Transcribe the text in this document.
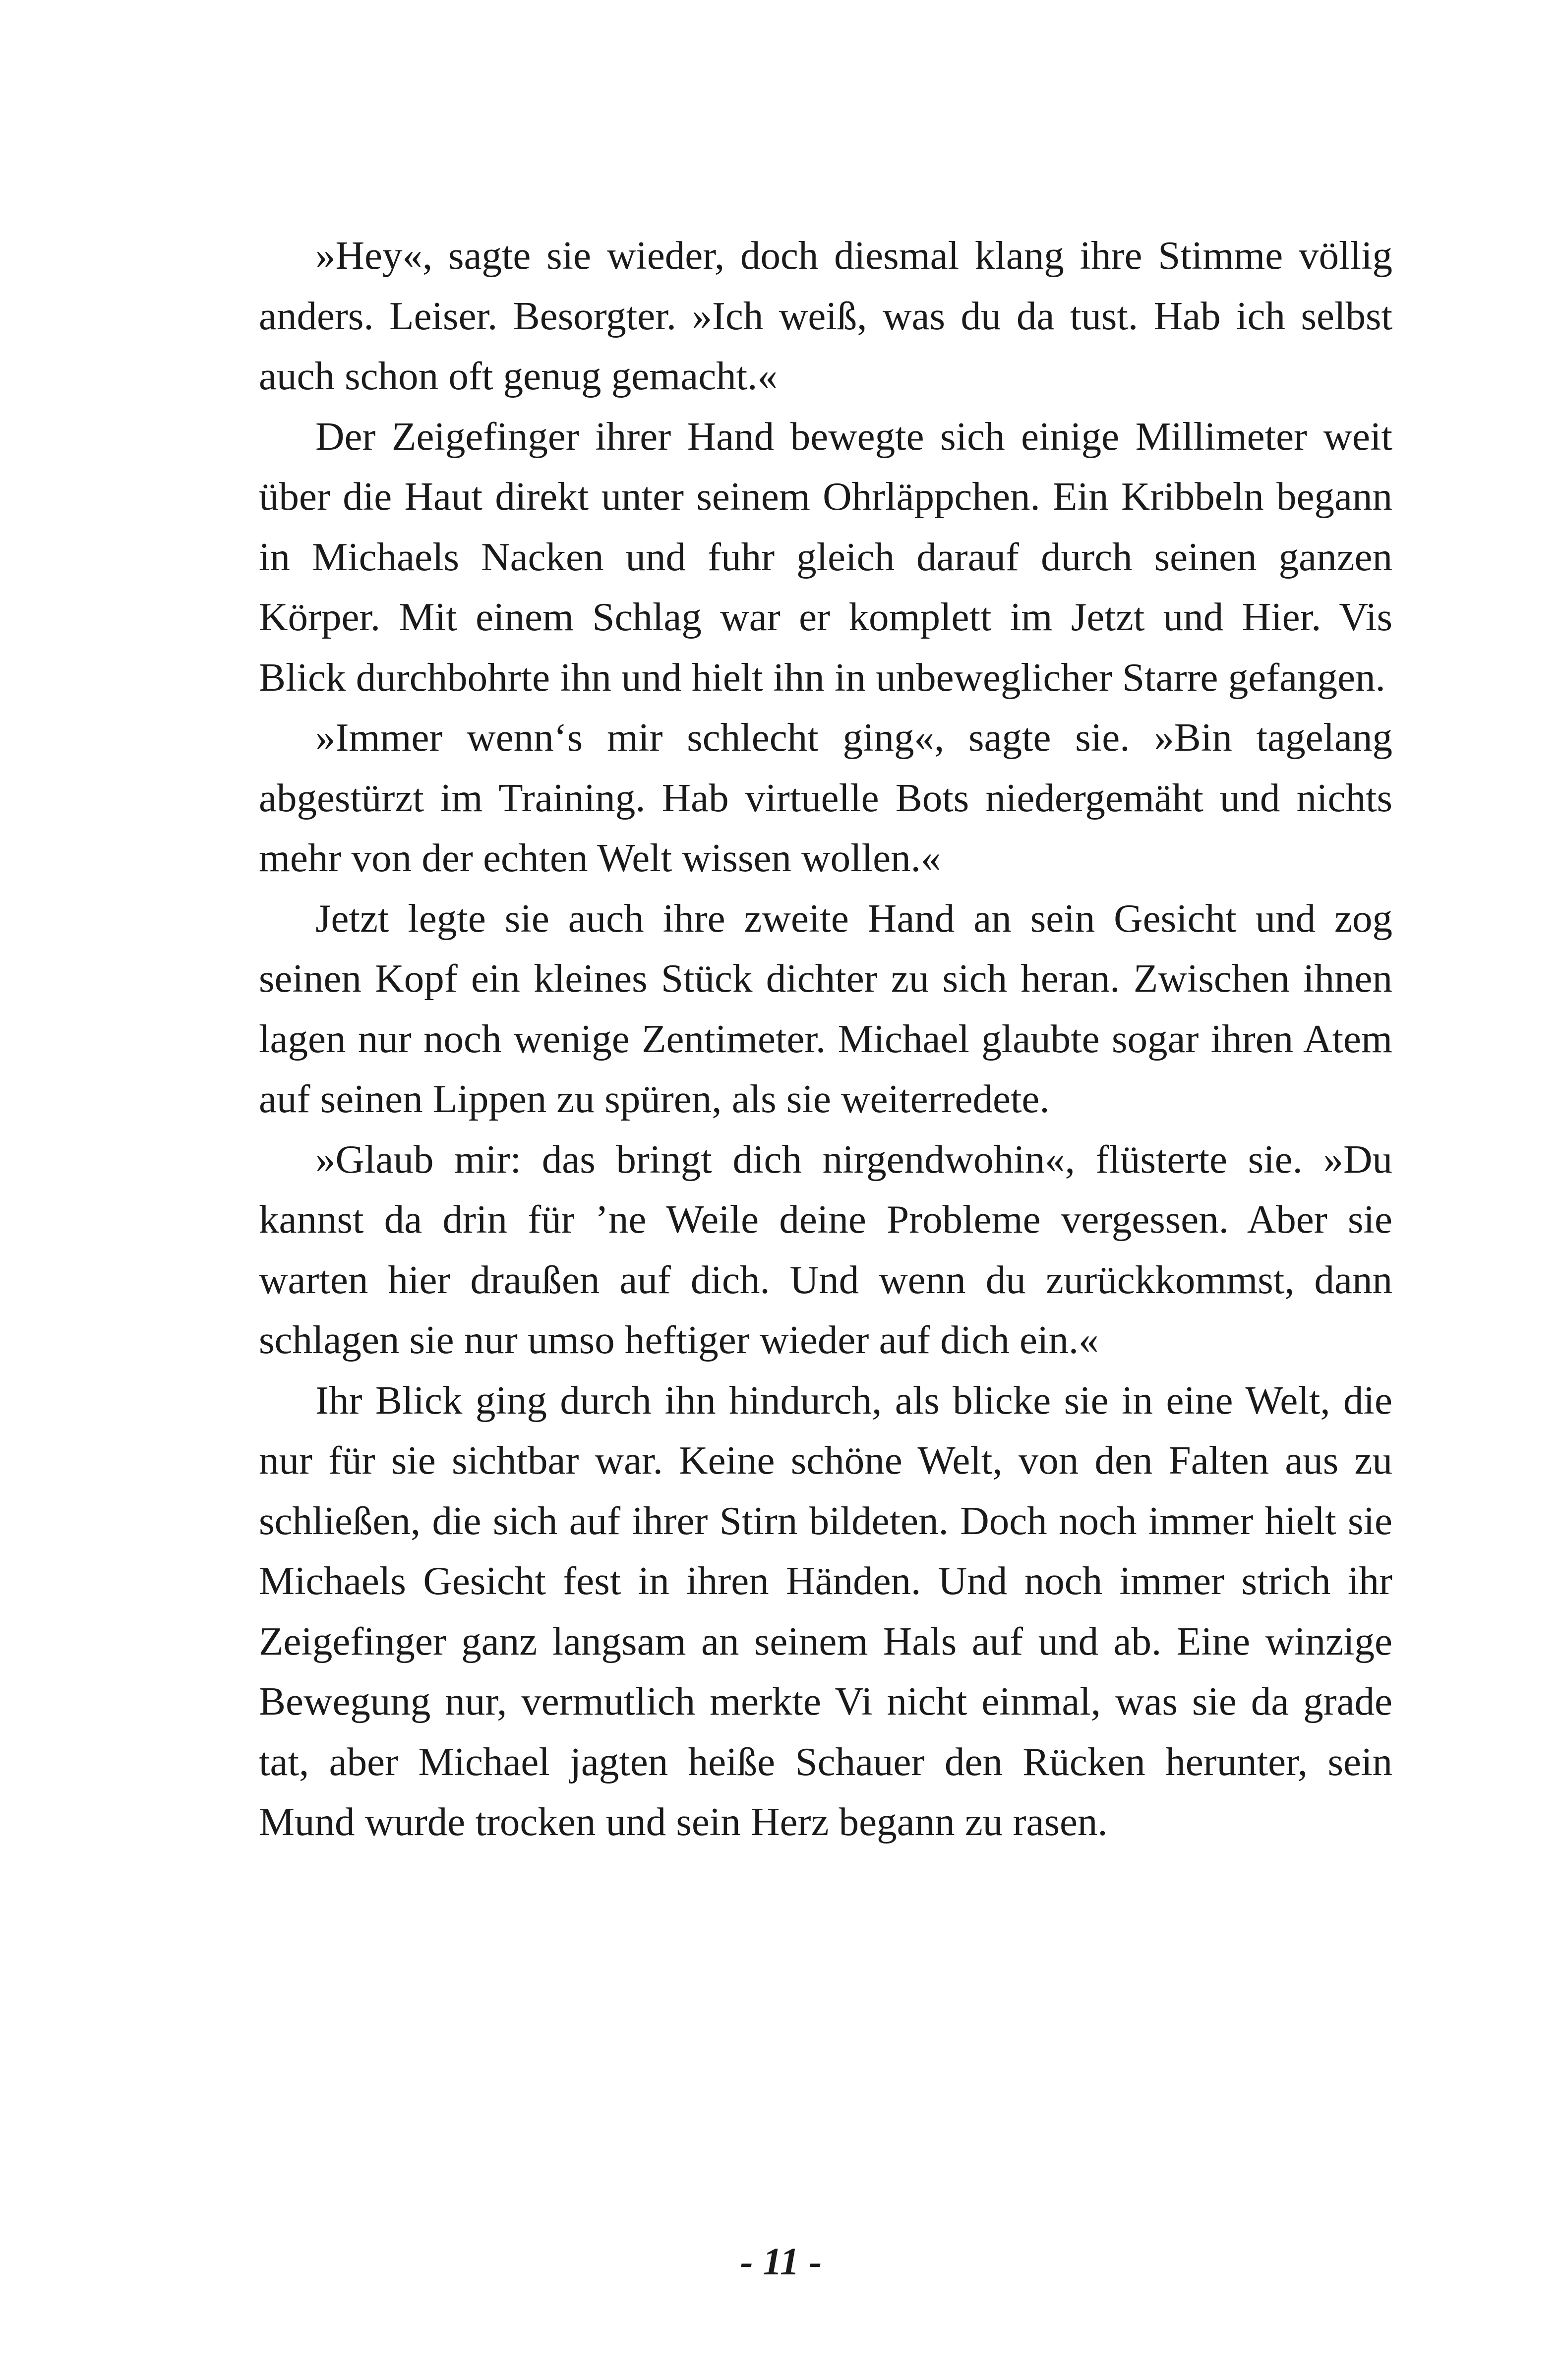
»Hey«, sagte sie wieder, doch diesmal klang ihre Stimme völlig anders. Leiser. Besorgter. »Ich weiß, was du da tust. Hab ich selbst auch schon oft genug gemacht.«

Der Zeigefinger ihrer Hand bewegte sich einige Millimeter weit über die Haut direkt unter seinem Ohrläppchen. Ein Kribbeln begann in Michaels Nacken und fuhr gleich darauf durch seinen ganzen Körper. Mit einem Schlag war er komplett im Jetzt und Hier. Vis Blick durchbohrte ihn und hielt ihn in unbeweglicher Starre gefangen.

»Immer wenn‘s mir schlecht ging«, sagte sie. »Bin tagelang abgestürzt im Training. Hab virtuelle Bots niedergemäht und nichts mehr von der echten Welt wissen wollen.«

Jetzt legte sie auch ihre zweite Hand an sein Gesicht und zog seinen Kopf ein kleines Stück dichter zu sich heran. Zwischen ihnen lagen nur noch wenige Zentimeter. Michael glaubte sogar ihren Atem auf seinen Lippen zu spüren, als sie weiterredete.

»Glaub mir: das bringt dich nirgendwohin«, flüsterte sie. »Du kannst da drin für ’ne Weile deine Probleme vergessen. Aber sie warten hier draußen auf dich. Und wenn du zurückkommst, dann schlagen sie nur umso heftiger wieder auf dich ein.«

Ihr Blick ging durch ihn hindurch, als blicke sie in eine Welt, die nur für sie sichtbar war. Keine schöne Welt, von den Falten aus zu schließen, die sich auf ihrer Stirn bildeten. Doch noch immer hielt sie Michaels Gesicht fest in ihren Händen. Und noch immer strich ihr Zeigefinger ganz langsam an seinem Hals auf und ab. Eine winzige Bewegung nur, vermutlich merkte Vi nicht einmal, was sie da grade tat, aber Michael jagten heiße Schauer den Rücken herunter, sein Mund wurde trocken und sein Herz begann zu rasen.

- 11 -
